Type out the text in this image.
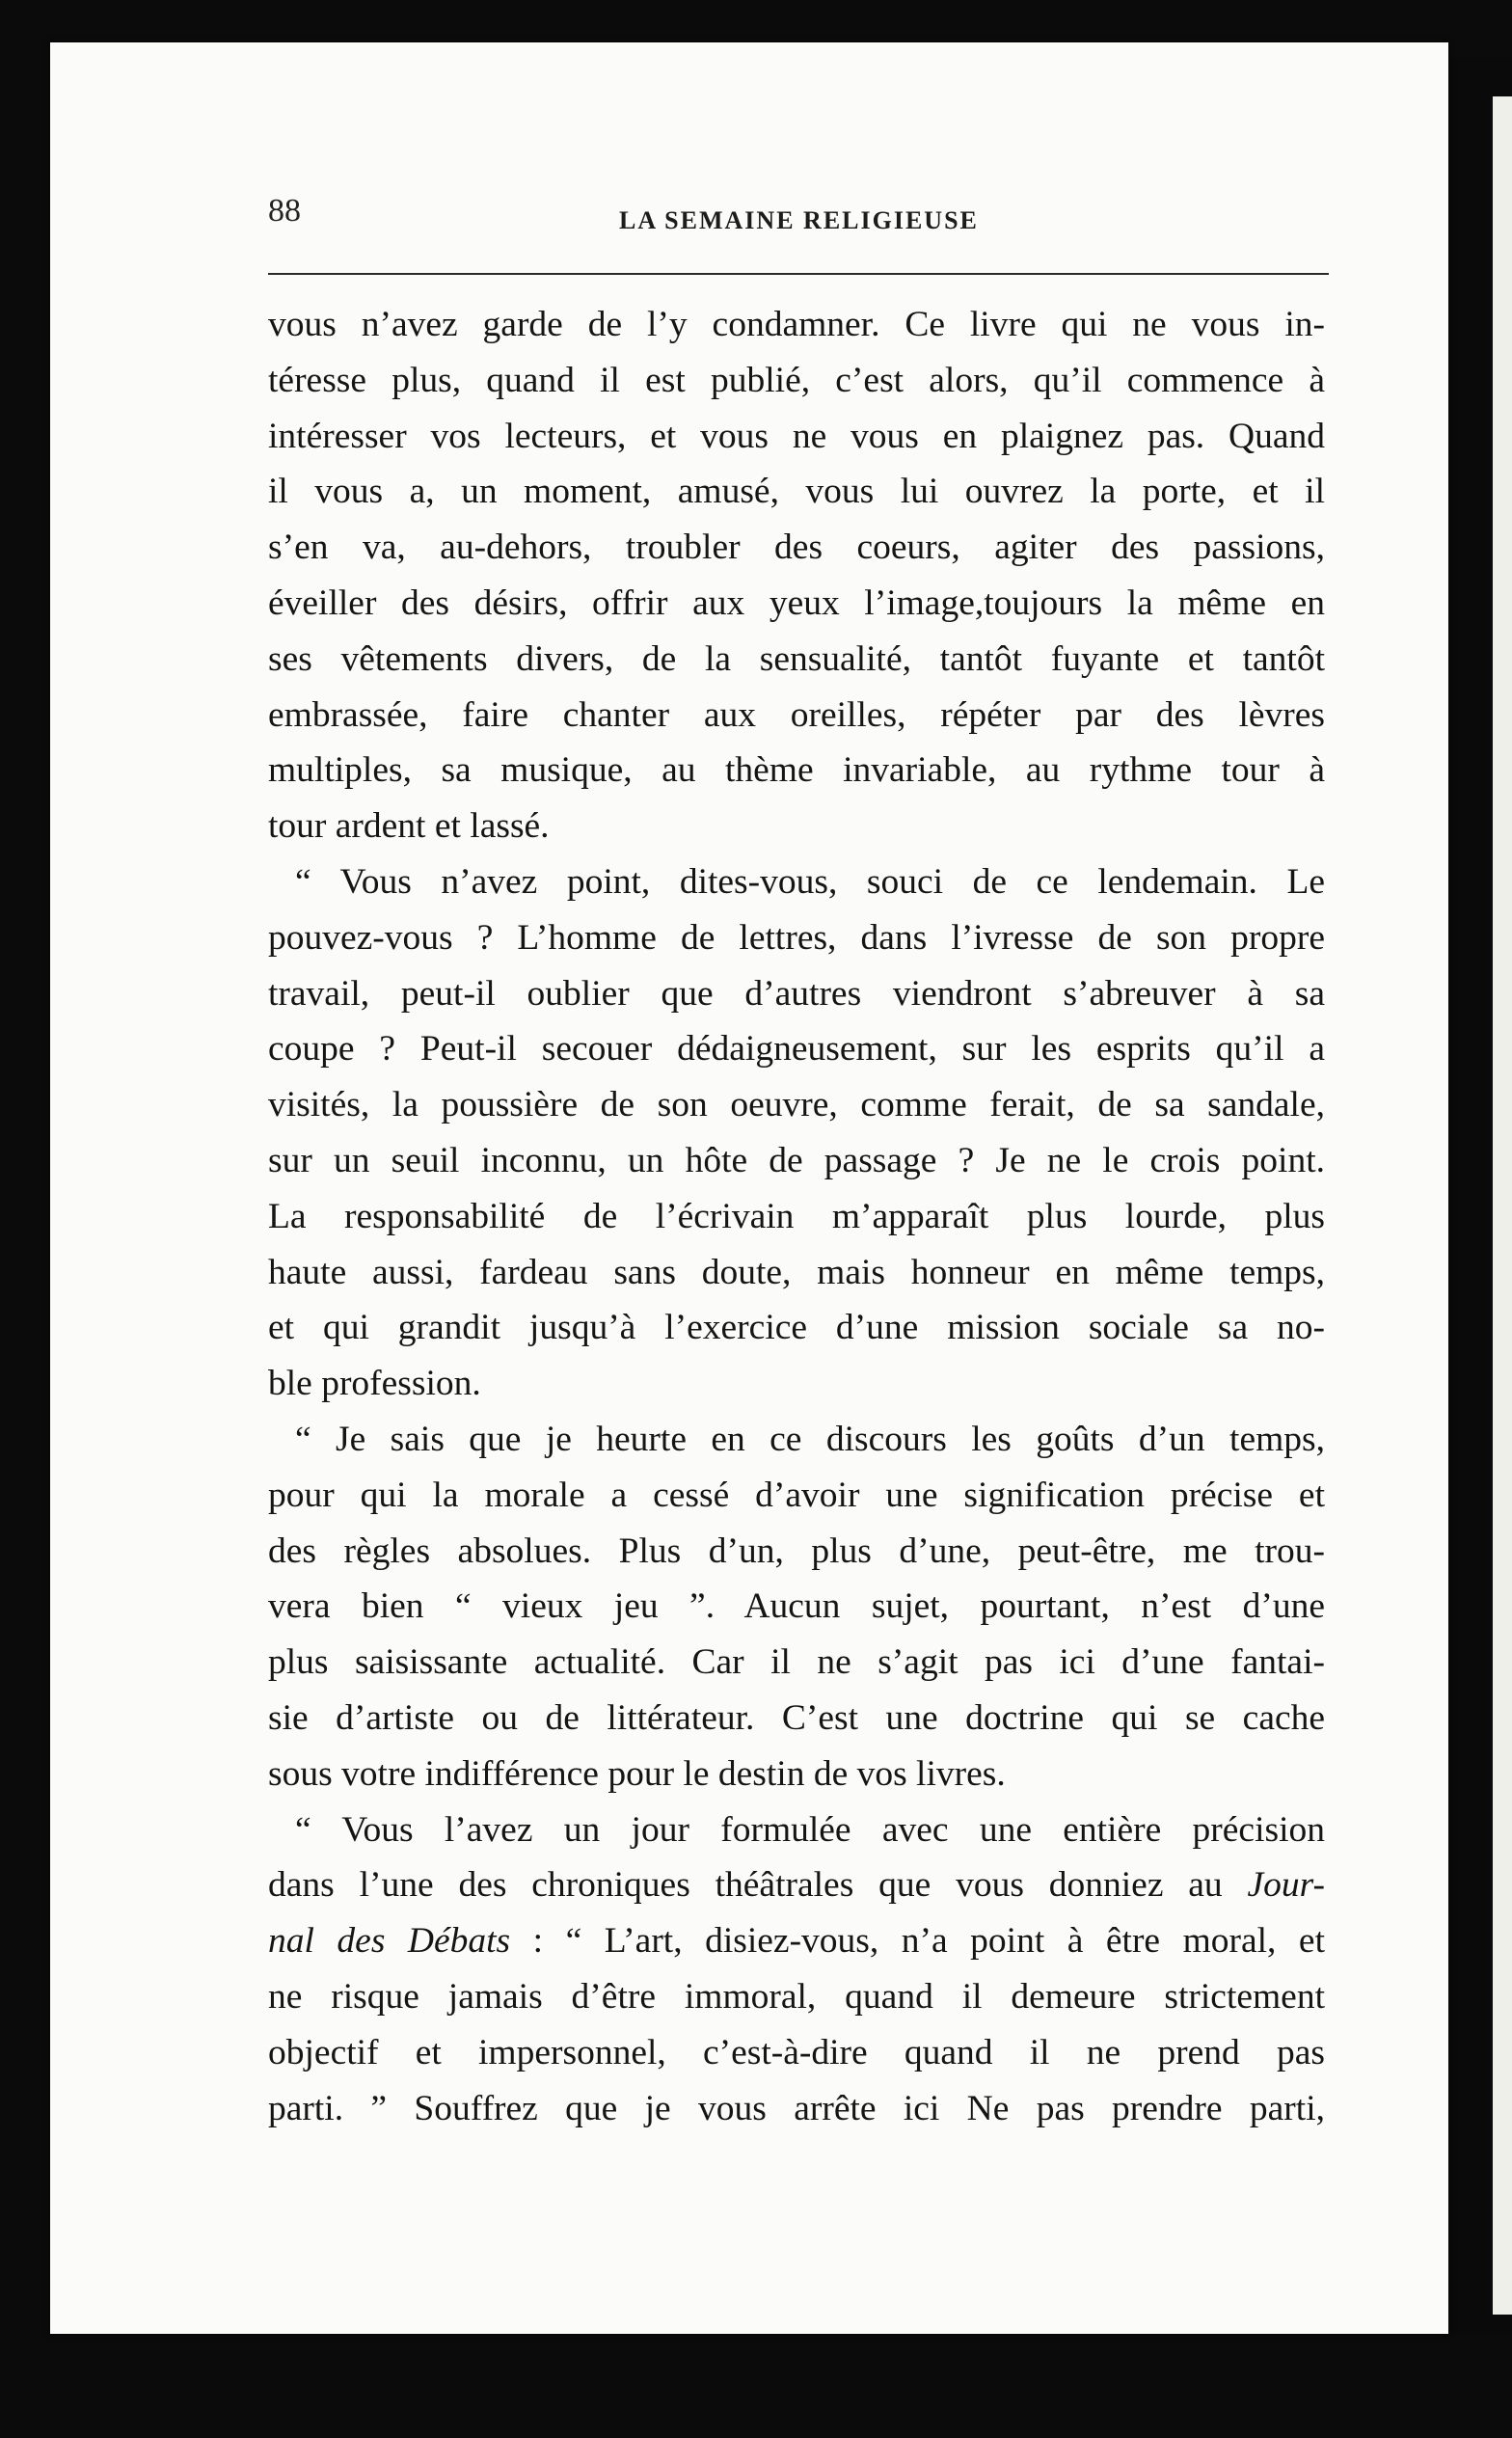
88	LA SEMAINE RELIGIEUSE
vous n’avez garde de l’y condamner. Ce livre qui ne vous in-
téresse plus, quand il est publié, c’est alors, qu’il commence à
intéresser vos lecteurs, et vous ne vous en plaignez pas. Quand
il vous a, un moment, amusé, vous lui ouvrez la porte, et il
s’en va, au-dehors, troubler des coeurs, agiter des passions,
éveiller des désirs, offrir aux yeux l’image,toujours la même en
ses vêtements divers, de la sensualité, tantôt fuyante et tantôt
embrassée, faire chanter aux oreilles, répéter par des lèvres
multiples, sa musique, au thème invariable, au rythme tour à
tour ardent et lassé.
“ Vous n’avez point, dites-vous, souci de ce lendemain. Le
pouvez-vous ? L’homme de lettres, dans l’ivresse de son propre
travail, peut-il oublier que d’autres viendront s’abreuver à sa
coupe ? Peut-il secouer dédaigneusement, sur les esprits qu’il a
visités, la poussière de son oeuvre, comme ferait, de sa sandale,
sur un seuil inconnu, un hôte de passage ? Je ne le crois point.
La responsabilité de l’écrivain m’apparaît plus lourde, plus
haute aussi, fardeau sans doute, mais honneur en même temps,
et qui grandit jusqu’à l’exercice d’une mission sociale sa no-
ble profession.
“ Je sais que je heurte en ce discours les goûts d’un temps,
pour qui la morale a cessé d’avoir une signification précise et
des règles absolues. Plus d’un, plus d’une, peut-être, me trou-
vera bien “ vieux jeu ”. Aucun sujet, pourtant, n’est d’une
plus saisissante actualité. Car il ne s’agit pas ici d’une fantai-
sie d’artiste ou de littérateur. C’est une doctrine qui se cache
sous votre indifférence pour le destin de vos livres.
“ Vous l’avez un jour formulée avec une entière précision
dans l’une des chroniques théâtrales que vous donniez au Jour-
nal des Débats : “ L’art, disiez-vous, n’a point à être moral, et
ne risque jamais d’être immoral, quand il demeure strictement
objectif et impersonnel, c’est-à-dire quand il ne prend pas
parti. ” Souffrez que je vous arrête ici Ne pas prendre parti,
